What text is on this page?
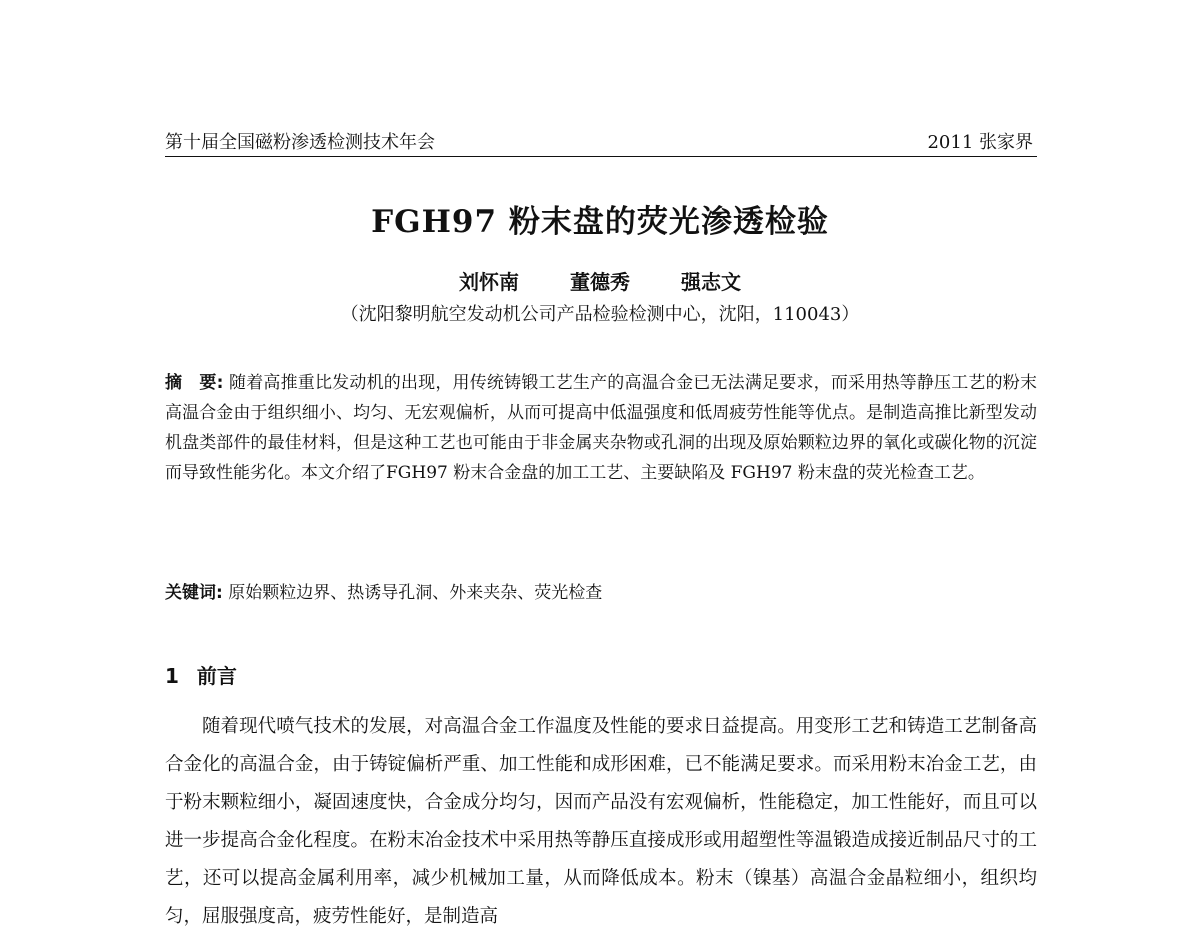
第十届全国磁粉渗透检测技术年会	2011 张家界
FGH97 粉末盘的荧光渗透检验
刘怀南	董德秀	强志文
（沈阳黎明航空发动机公司产品检验检测中心，沈阳，110043）
摘　要: 随着高推重比发动机的出现，用传统铸锻工艺生产的高温合金已无法满足要求，而采用热等静压工艺的粉末高温合金由于组织细小、均匀、无宏观偏析，从而可提高中低温强度和低周疲劳性能等优点。是制造高推比新型发动机盘类部件的最佳材料，但是这种工艺也可能由于非金属夹杂物或孔洞的出现及原始颗粒边界的氧化或碳化物的沉淀而导致性能劣化。本文介绍了FGH97 粉末合金盘的加工工艺、主要缺陷及 FGH97 粉末盘的荧光检查工艺。
关键词: 原始颗粒边界、热诱导孔洞、外来夹杂、荧光检查
1 前言
随着现代喷气技术的发展，对高温合金工作温度及性能的要求日益提高。用变形工艺和铸造工艺制备高合金化的高温合金，由于铸锭偏析严重、加工性能和成形困难，已不能满足要求。而采用粉末冶金工艺，由于粉末颗粒细小，凝固速度快，合金成分均匀，因而产品没有宏观偏析，性能稳定，加工性能好，而且可以进一步提高合金化程度。在粉末冶金技术中采用热等静压直接成形或用超塑性等温锻造成接近制品尺寸的工艺，还可以提高金属利用率，减少机械加工量，从而降低成本。粉末（镍基）高温合金晶粒细小，组织均匀，屈服强度高，疲劳性能好，是制造高
